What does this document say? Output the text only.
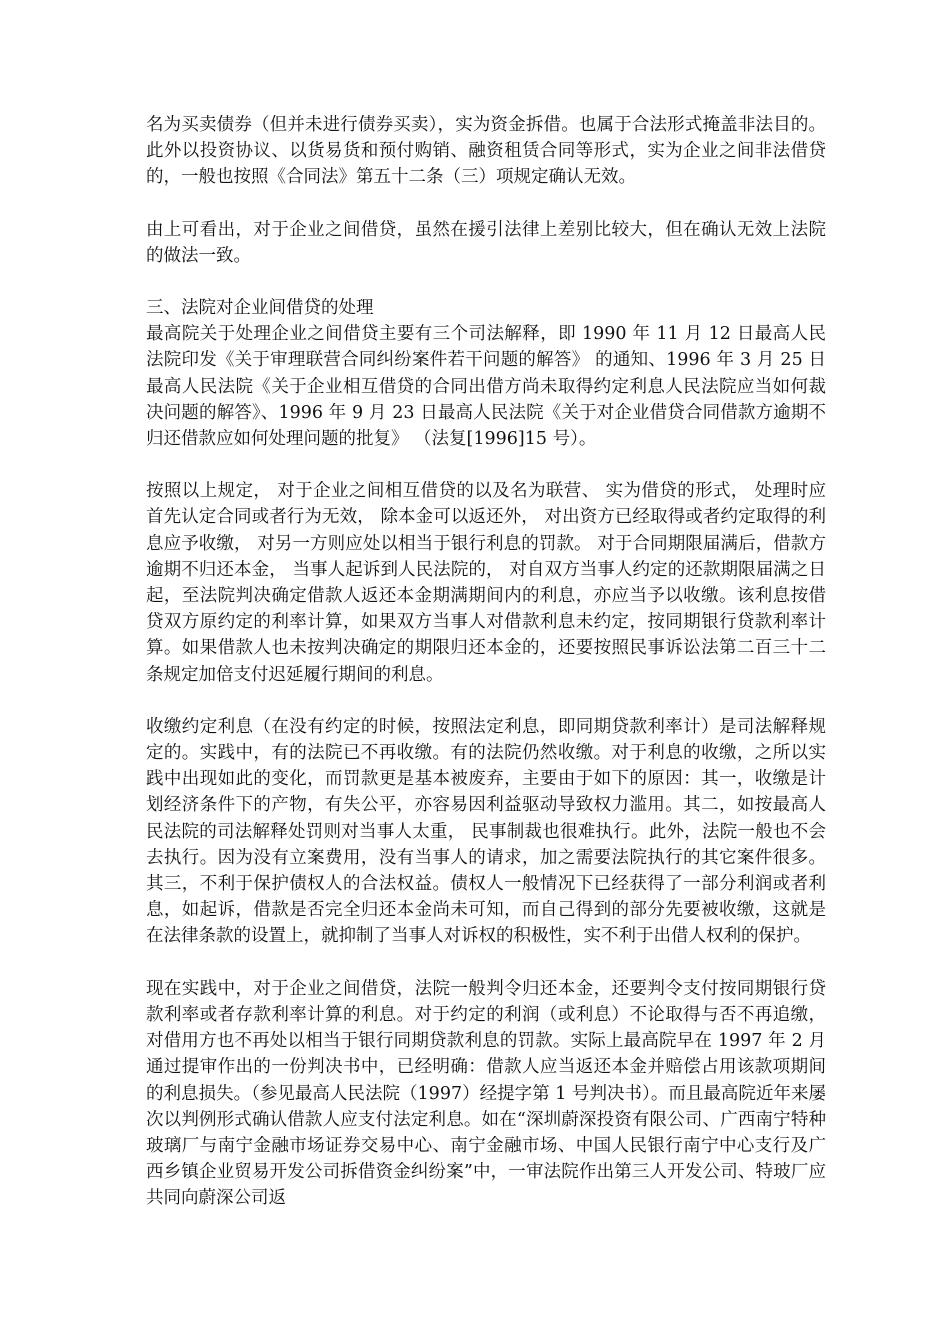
名为买卖债券（但并未进行债券买卖），实为资金拆借。也属于合法形式掩盖非法目的。此外以投资协议、以货易货和预付购销、融资租赁合同等形式，实为企业之间非法借贷的，一般也按照《合同法》第五十二条（三）项规定确认无效。

由上可看出，对于企业之间借贷，虽然在援引法律上差别比较大，但在确认无效上法院的做法一致。

三、法院对企业间借贷的处理

最高院关于处理企业之间借贷主要有三个司法解释，即 1990 年 11 月 12 日最高人民法院印发《关于审理联营合同纠纷案件若干问题的解答》 的通知、1996 年 3 月 25 日最高人民法院《关于企业相互借贷的合同出借方尚未取得约定利息人民法院应当如何裁决问题的解答》、1996 年 9 月 23 日最高人民法院《关于对企业借贷合同借款方逾期不归还借款应如何处理问题的批复》 （法复[1996]15 号）。

按照以上规定， 对于企业之间相互借贷的以及名为联营、 实为借贷的形式， 处理时应首先认定合同或者行为无效， 除本金可以返还外， 对出资方已经取得或者约定取得的利息应予收缴， 对另一方则应处以相当于银行利息的罚款。 对于合同期限届满后，借款方逾期不归还本金， 当事人起诉到人民法院的， 对自双方当事人约定的还款期限届满之日起，至法院判决确定借款人返还本金期满期间内的利息，亦应当予以收缴。该利息按借贷双方原约定的利率计算，如果双方当事人对借款利息未约定，按同期银行贷款利率计算。如果借款人也未按判决确定的期限归还本金的，还要按照民事诉讼法第二百三十二条规定加倍支付迟延履行期间的利息。

收缴约定利息（在没有约定的时候，按照法定利息，即同期贷款利率计）是司法解释规定的。实践中，有的法院已不再收缴。有的法院仍然收缴。对于利息的收缴，之所以实践中出现如此的变化，而罚款更是基本被废弃，主要由于如下的原因：其一，收缴是计划经济条件下的产物，有失公平，亦容易因利益驱动导致权力滥用。其二，如按最高人民法院的司法解释处罚则对当事人太重， 民事制裁也很难执行。此外，法院一般也不会去执行。因为没有立案费用，没有当事人的请求，加之需要法院执行的其它案件很多。其三，不利于保护债权人的合法权益。债权人一般情况下已经获得了一部分利润或者利息，如起诉，借款是否完全归还本金尚未可知，而自己得到的部分先要被收缴，这就是在法律条款的设置上，就抑制了当事人对诉权的积极性，实不利于出借人权利的保护。

现在实践中，对于企业之间借贷，法院一般判令归还本金，还要判令支付按同期银行贷款利率或者存款利率计算的利息。对于约定的利润（或利息）不论取得与否不再追缴，对借用方也不再处以相当于银行同期贷款利息的罚款。实际上最高院早在 1997 年 2 月通过提审作出的一份判决书中，已经明确：借款人应当返还本金并赔偿占用该款项期间的利息损失。（参见最高人民法院（1997）经提字第 1 号判决书）。而且最高院近年来屡次以判例形式确认借款人应支付法定利息。如在“深圳蔚深投资有限公司、广西南宁特种玻璃厂与南宁金融市场证券交易中心、南宁金融市场、中国人民银行南宁中心支行及广西乡镇企业贸易开发公司拆借资金纠纷案”中，一审法院作出第三人开发公司、特玻厂应共同向蔚深公司返
